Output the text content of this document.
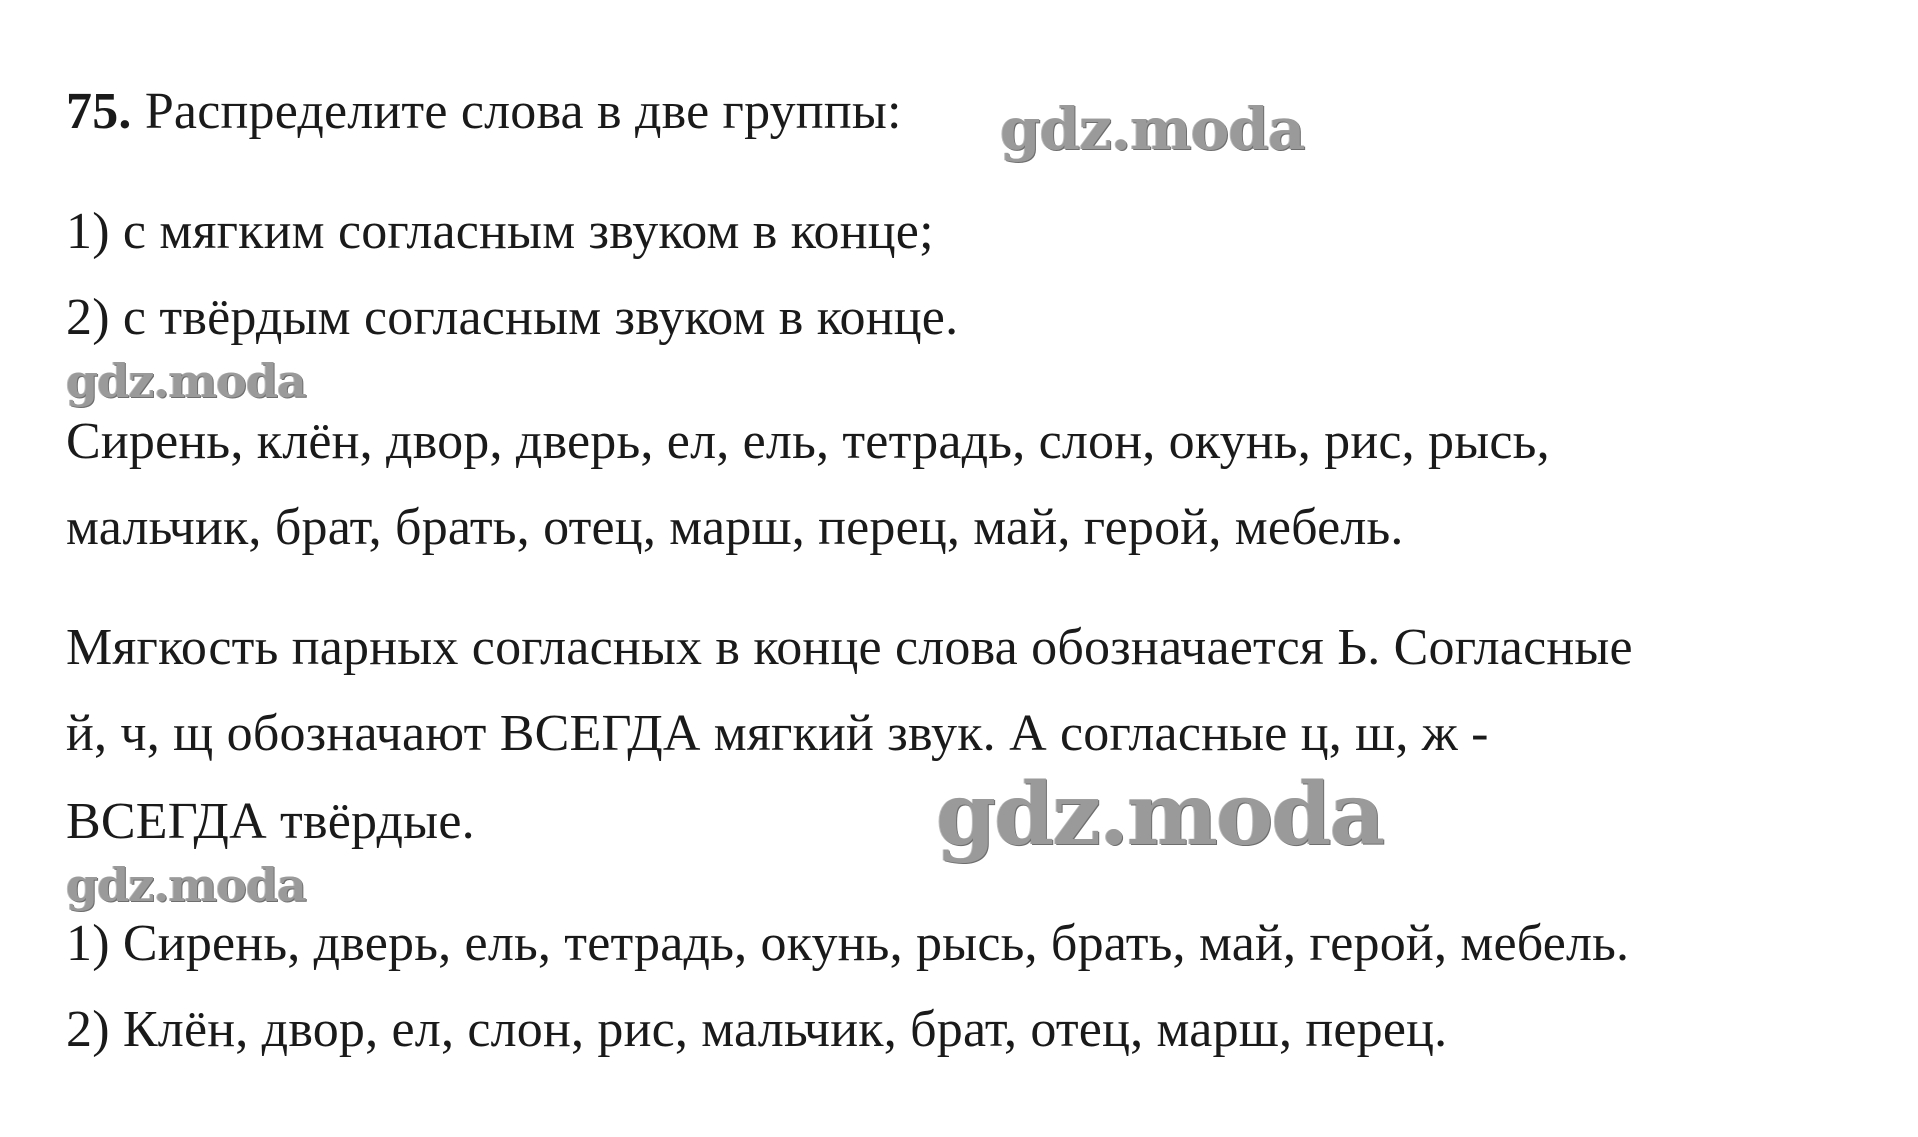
75. Распределите слова в две группы: gdz.moda
1) с мягким согласным звуком в конце;
2) с твёрдым согласным звуком в конце.
gdz.moda
Сирень, клён, двор, дверь, ел, ель, тетрадь, слон, окунь, рис, рысь,
мальчик, брат, брать, отец, марш, перец, май, герой, мебель.
Мягкость парных согласных в конце слова обозначается Ь. Согласные
й, ч, щ обозначают ВСЕГДА мягкий звук. А согласные ц, ш, ж -
ВСЕГДА твёрдые.	gdz.moda
gdz.moda
1) Сирень, дверь, ель, тетрадь, окунь, рысь, брать, май, герой, мебель.
2) Клён, двор, ел, слон, рис, мальчик, брат, отец, марш, перец.
